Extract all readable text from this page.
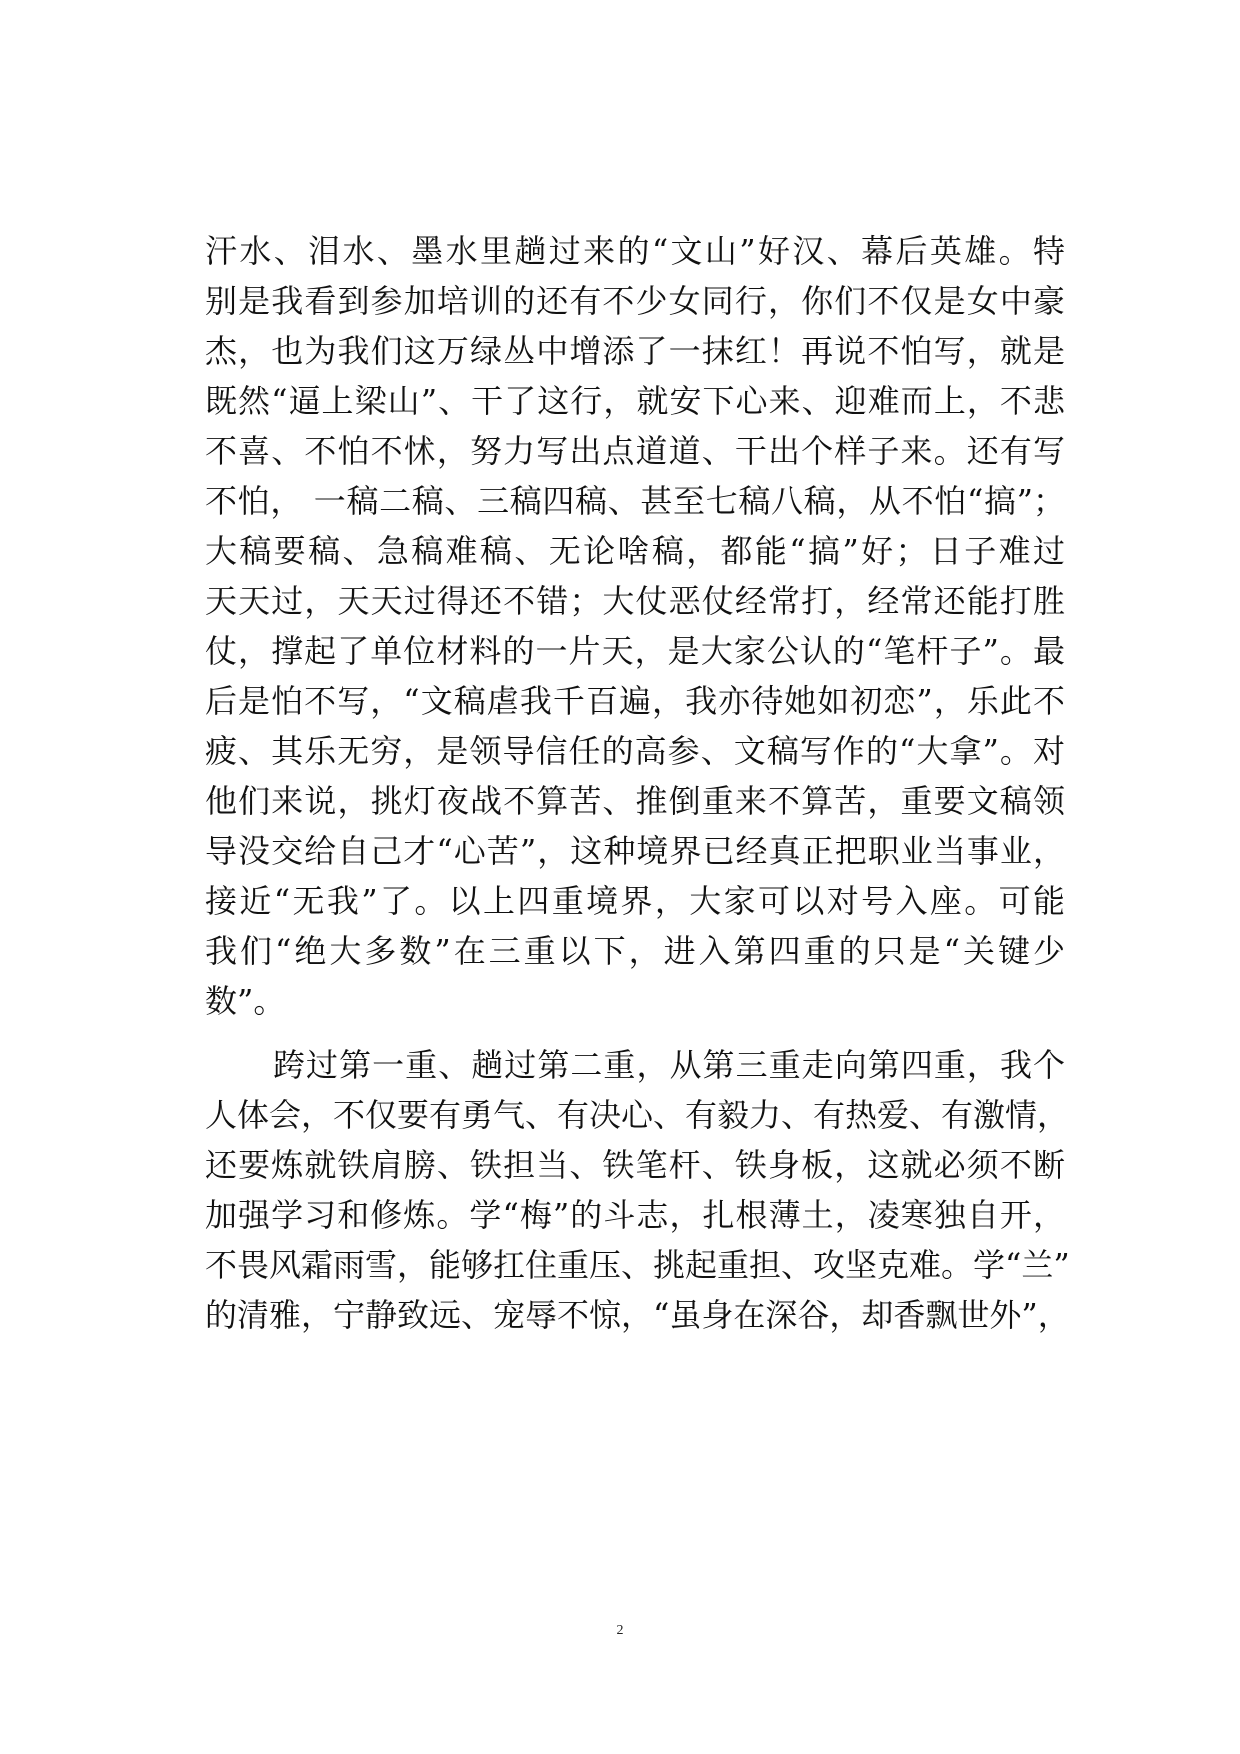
汗水、泪水、墨水里趟过来的“文山”好汉、幕后英雄。特
别是我看到参加培训的还有不少女同行，你们不仅是女中豪
杰，也为我们这万绿丛中增添了一抹红！再说不怕写，就是
既然“逼上梁山”、干了这行，就安下心来、迎难而上，不悲
不喜、不怕不怵，努力写出点道道、干出个样子来。还有写
不怕， 一稿二稿、三稿四稿、甚至七稿八稿，从不怕“搞”；
大稿要稿、急稿难稿、无论啥稿，都能“搞”好；日子难过
天天过，天天过得还不错；大仗恶仗经常打，经常还能打胜
仗，撑起了单位材料的一片天，是大家公认的“笔杆子”。最
后是怕不写，“文稿虐我千百遍，我亦待她如初恋”，乐此不
疲、其乐无穷，是领导信任的高参、文稿写作的“大拿”。对
他们来说，挑灯夜战不算苦、推倒重来不算苦，重要文稿领
导没交给自己才“心苦”，这种境界已经真正把职业当事业，
接近“无我”了。以上四重境界，大家可以对号入座。可能
我们“绝大多数”在三重以下，进入第四重的只是“关键少
数”。
跨过第一重、趟过第二重，从第三重走向第四重，我个
人体会，不仅要有勇气、有决心、有毅力、有热爱、有激情，
还要炼就铁肩膀、铁担当、铁笔杆、铁身板，这就必须不断
加强学习和修炼。学“梅”的斗志，扎根薄土，凌寒独自开，
不畏风霜雨雪，能够扛住重压、挑起重担、攻坚克难。学“兰”
的清雅，宁静致远、宠辱不惊，“虽身在深谷，却香飘世外”，
2
